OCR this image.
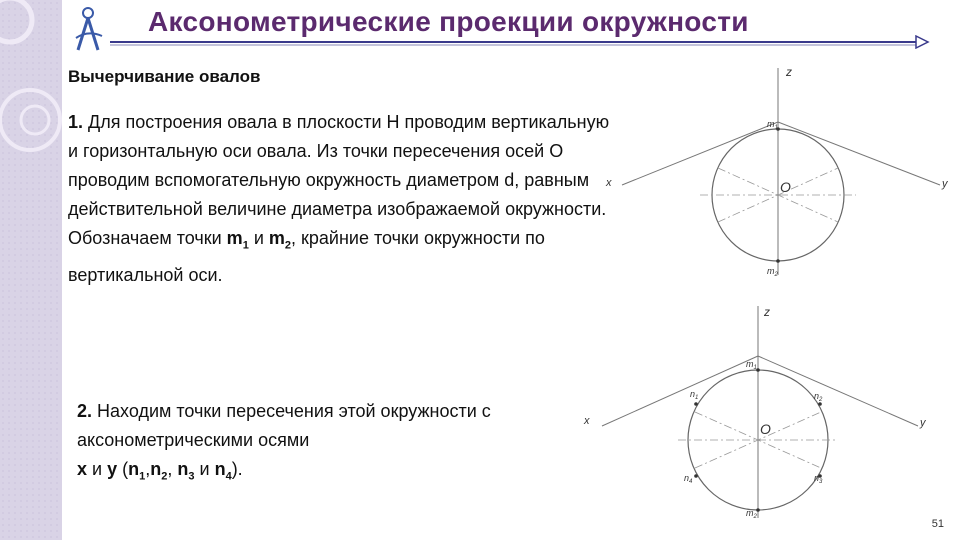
Аксонометрические проекции окружности
Вычерчивание овалов
1. Для построения овала в плоскости Н проводим вертикальную и горизонтальную оси овала. Из точки пересечения осей О проводим вспомогательную окружность диаметром d, равным действительной величине диаметра изображаемой окружности. Обозначаем точки $m_1$ и $m_2$, крайние точки окружности по вертикальной оси.
2. Находим точки пересечения этой окружности с аксонометрическими осями
x и y ($n_1,n_2$, $n_3$ и $n_4$).
z
x	y
O
$m_1$
$m_2$
z
x	y
O
$m_1$
$m_2$
$n_1$	$n_2$
$n_4$	$n_3$
51
